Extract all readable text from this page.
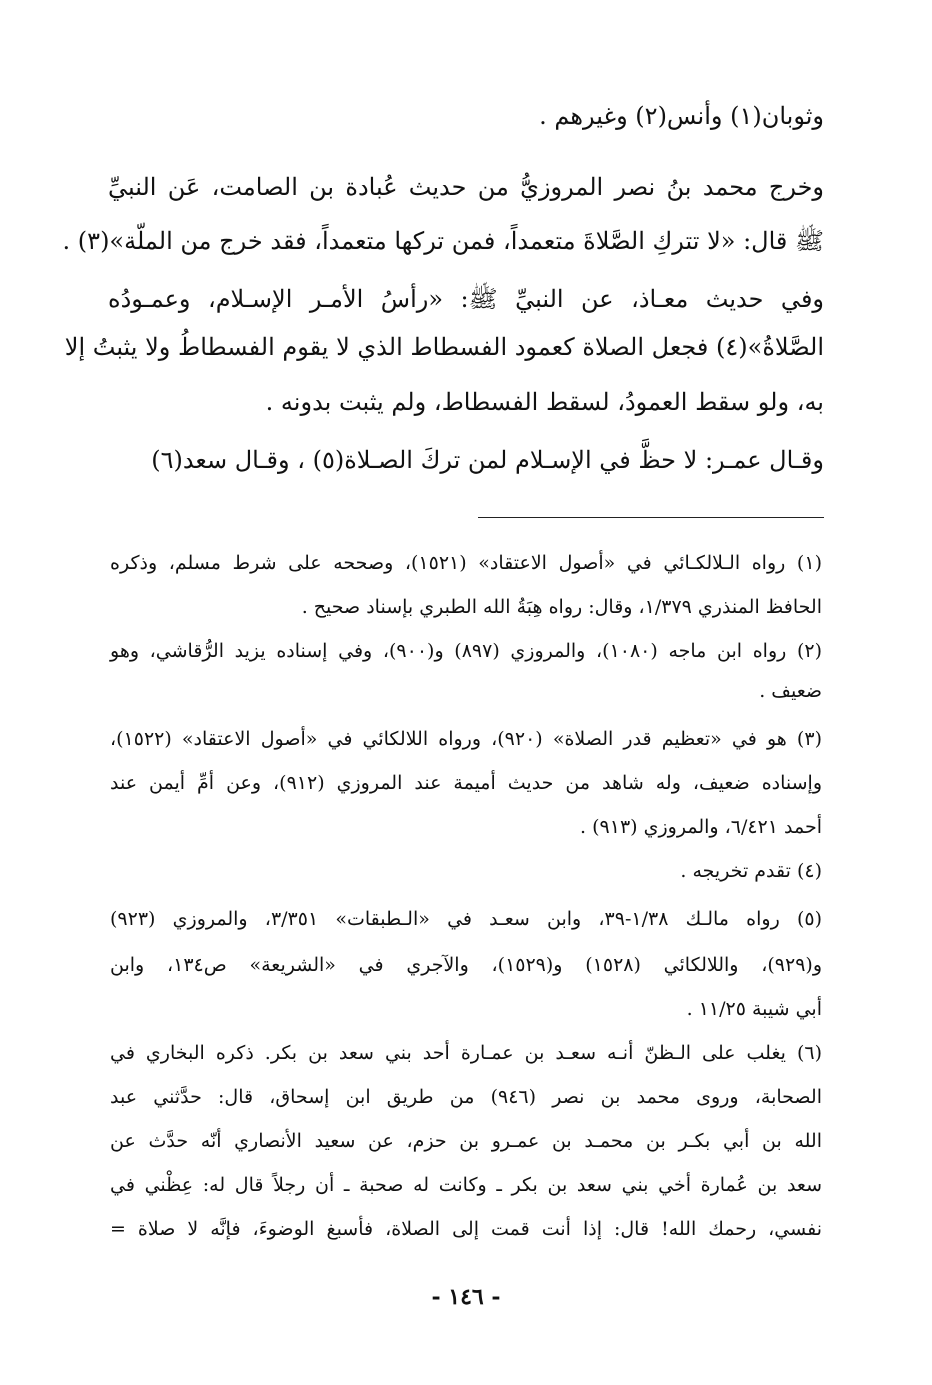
وثوبان(١) وأنس(٢) وغيرهم .
وخرج محمد بنُ نصر المروزيُّ من حديث عُبادة بن الصامت، عَن النبيِّ
ﷺ قال: «لا تتركِ الصَّلاةَ متعمداً، فمن تركها متعمداً، فقد خرج من الملّة»(٣) .
وفي حديث معـاذ، عن النبيِّ ﷺ: «رأسُ الأمـر الإسـلام، وعمـودُه
الصَّلاةُ»(٤) فجعل الصلاة كعمود الفسطاط الذي لا يقوم الفسطاطُ ولا يثبتُ إلا
به، ولو سقط العمودُ، لسقط الفسطاط، ولم يثبت بدونه .
وقـال عمـر: لا حظَّ في الإسـلام لمن تركَ الصـلاة(٥) ، وقـال سعد(٦)
(١) رواه الـلالكـائي في «أصول الاعتقاد» (١٥٢١)، وصححه على شرط مسلم، وذكره
الحافظ المنذري ١/٣٧٩، وقال: رواه هِبَةُ الله الطبري بإسناد صحيح .
(٢) رواه ابن ماجه (١٠٨٠)، والمروزي (٨٩٧) و(٩٠٠)، وفي إسناده يزيد الرُّقاشي، وهو
ضعيف .
(٣) هو في «تعظيم قدر الصلاة» (٩٢٠)، ورواه اللالكائي في «أصول الاعتقاد» (١٥٢٢)،
وإسناده ضعيف، وله شاهد من حديث أميمة عند المروزي (٩١٢)، وعن أمِّ أيمن عند
أحمد ٦/٤٢١، والمروزي (٩١٣) .
(٤) تقدم تخريجه .
(٥) رواه مالـك ١/٣٨-٣٩، وابن سعـد في «الـطبقات» ٣/٣٥١، والمروزي (٩٢٣)
و(٩٢٩)، واللالكائي (١٥٢٨) و(١٥٢٩)، والآجري في «الشريعة» ص١٣٤، وابن
أبي شيبة ١١/٢٥ .
(٦) يغلب على الـظنّ أنـه سعـد بن عمـارة أحد بني سعد بن بكر. ذكره البخاري في
الصحابة، وروى محمد بن نصر (٩٤٦) من طريق ابن إسحاق، قال: حدَّثني عبد
الله بن أبي بكـر بن محمـد بن عمـرو بن حزم، عن سعيد الأنصاري أنّه حدَّث عن
سعد بن عُمارة أخي بني سعد بن بكر ـ وكانت له صحبة ـ أن رجلاً قال له: عِظْني في
نفسي، رحمك الله! قال: إذا أنت قمت إلى الصلاة، فأسبغ الوضوءَ، فإنَّه لا صلاة =
- ١٤٦ -
